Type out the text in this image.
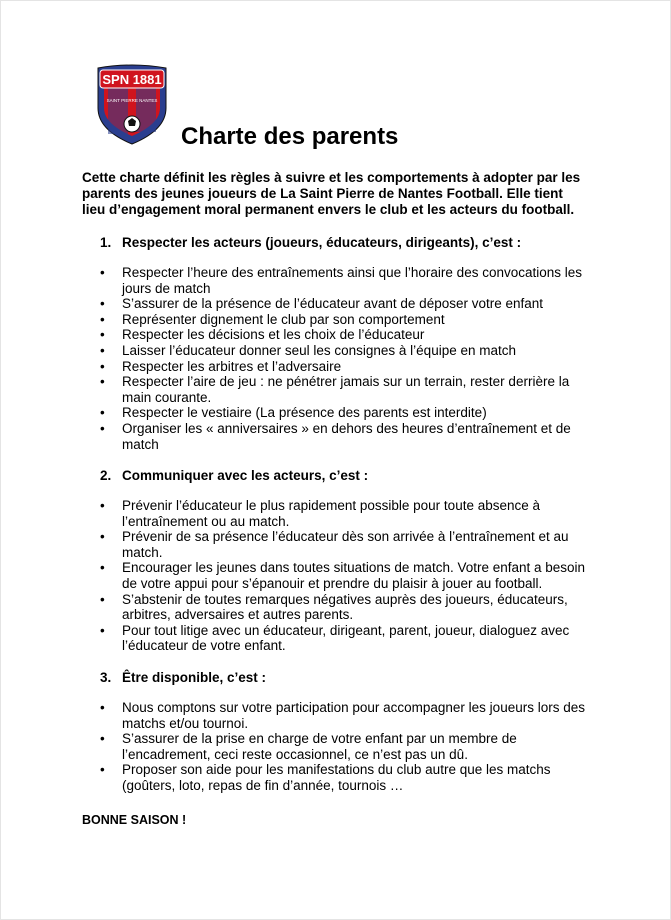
SPN 1881
SAINT PIERRE NANTES
Charte des parents

Cette charte définit les règles à suivre et les comportements à adopter par les parents des jeunes joueurs de La Saint Pierre de Nantes Football. Elle tient lieu d’engagement moral permanent envers le club et les acteurs du football.

1. Respecter les acteurs (joueurs, éducateurs, dirigeants), c’est :

• Respecter l’heure des entraînements ainsi que l’horaire des convocations les jours de match
• S’assurer de la présence de l’éducateur avant de déposer votre enfant
• Représenter dignement le club par son comportement
• Respecter les décisions et les choix de l’éducateur
• Laisser l’éducateur donner seul les consignes à l’équipe en match
• Respecter les arbitres et l’adversaire
• Respecter l’aire de jeu : ne pénétrer jamais sur un terrain, rester derrière la main courante.
• Respecter le vestiaire (La présence des parents est interdite)
• Organiser les « anniversaires » en dehors des heures d’entraînement et de match

2. Communiquer avec les acteurs, c’est :

• Prévenir l’éducateur le plus rapidement possible pour toute absence à l’entraînement ou au match.
• Prévenir de sa présence l’éducateur dès son arrivée à l’entraînement et au match.
• Encourager les jeunes dans toutes situations de match. Votre enfant a besoin de votre appui pour s’épanouir et prendre du plaisir à jouer au football.
• S’abstenir de toutes remarques négatives auprès des joueurs, éducateurs, arbitres, adversaires et autres parents.
• Pour tout litige avec un éducateur, dirigeant, parent, joueur, dialoguez avec l’éducateur de votre enfant.

3. Être disponible, c’est :

• Nous comptons sur votre participation pour accompagner les joueurs lors des matchs et/ou tournoi.
• S’assurer de la prise en charge de votre enfant par un membre de l’encadrement, ceci reste occasionnel, ce n’est pas un dû.
• Proposer son aide pour les manifestations du club autre que les matchs (goûters, loto, repas de fin d’année, tournois …

BONNE SAISON !
